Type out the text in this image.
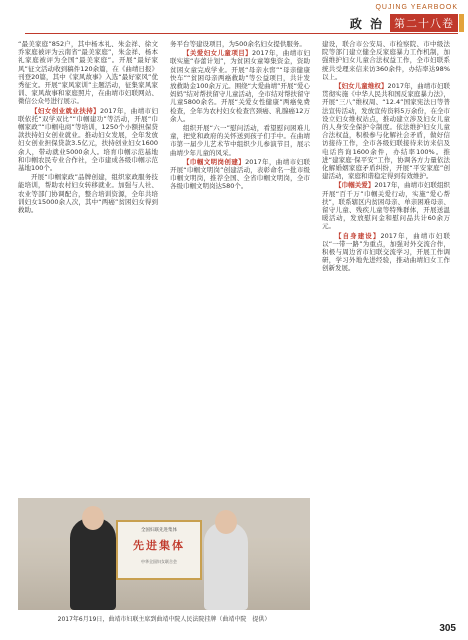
QUJING YEARBOOK
政 治 第二十八卷

“最美家庭”852户，其中杨本礼、朱金祥、徐文乔家庭被评为云南省“最美家庭”，朱金祥、杨本礼家庭被评为全国“最美家庭”。开展“最好家风”征文活动收到稿件120余篇，在《曲靖日报》刊登20篇，其中《家风故事》入选“最好家风”优秀征文。开展“家风家训”主题活动，征集家风家训、家风故事和家庭照片，在曲靖市妇联网站、微信公众号进行展示。

【妇女创业就业扶持】2017年，曲靖市妇联依托“双学双比”“巾帼建功”等活动，开展“巾帼家政”“巾帼电商”等培训，1250个小额担保贷款扶持妇女创业就业。推动妇女发展，全年发放妇女创业担保贷款3.5亿元，扶持创业妇女1600余人，带动就业5000余人。培育巾帼示范基地和巾帼农民专业合作社，全市建成各级巾帼示范基地100个。

开展“巾帼家政”品牌创建，组织家政服务技能培训，帮助农村妇女转移就业。加强与人社、农业等部门协调配合，整合培训资源，全年共培训妇女15000余人次，其中“两癌”贫困妇女得到救助。

务平台等建设项目，为500余名妇女提供服务。

【关爱妇女儿童项目】2017年，曲靖市妇联实施“春蕾计划”，为贫困女童筹集资金，资助贫困女童完成学业。开展“母亲水窖”“母亲健康快车”“贫困母亲两癌救助”等公益项目，共计发放救助金100余万元。围绕“大爱曲靖”开展“爱心妈妈”结对帮扶留守儿童活动，全市结对帮扶留守儿童5800余名。开展“关爱女性健康”两癌免费检查，全年为农村妇女检查宫颈癌、乳腺癌12万余人。

组织开展“六一”慰问活动，看望慰问困难儿童，把党和政府的关怀送到孩子们手中。在曲靖市第一届少儿艺术节中组织少儿参演节目，展示曲靖少年儿童的风采。

【巾帼文明岗创建】2017年，曲靖市妇联开展“巾帼文明岗”创建活动，表彰命名一批市级巾帼文明岗，推荐全国、全省巾帼文明岗，全市各级巾帼文明岗达580个。

建设，联合市公安局、市检察院、市中级法院等部门建立健全反家庭暴力工作机制，加强维护妇女儿童合法权益工作，全市妇联系统共受理来信来访360余件，办结率达98%以上。

【妇女儿童维权】2017年，曲靖市妇联贯彻实施《中华人民共和国反家庭暴力法》，开展“三八”维权周、“12.4”国家宪法日等普法宣传活动，发放宣传资料5万余份，在全市设立妇女维权站点，推动建立涉及妇女儿童的人身安全保护令制度。依法维护妇女儿童合法权益，积极参与化解社会矛盾，做好信访接待工作，全市各级妇联接待来访来信及电话咨询1600余件，办结率100%。推进“建家庭·保平安”工作，协调各方力量依法化解婚姻家庭矛盾纠纷，开展“平安家庭”创建活动，家庭和谐稳定得到有效维护。

【巾帼关爱】2017年，曲靖市妇联组织开展“百千万”巾帼关爱行动，实施“爱心帮扶”，联系辖区内贫困母亲、单亲困难母亲、留守儿童、残疾儿童等特殊群体，开展送温暖活动，发放慰问金和慰问品共计60余万元。

【自身建设】2017年，曲靖市妇联以“一带一路”为重点，加强对外交流合作，积极与周边省市妇联交流学习，开展工作调研，学习外地先进经验，推动曲靖妇女工作创新发展。

全国妇联先进集体
先进集体
中华全国妇女联合会
2017年6月19日，曲靖市妇联主席到曲靖中院人民法院挂牌（曲靖中院　提供）
305
